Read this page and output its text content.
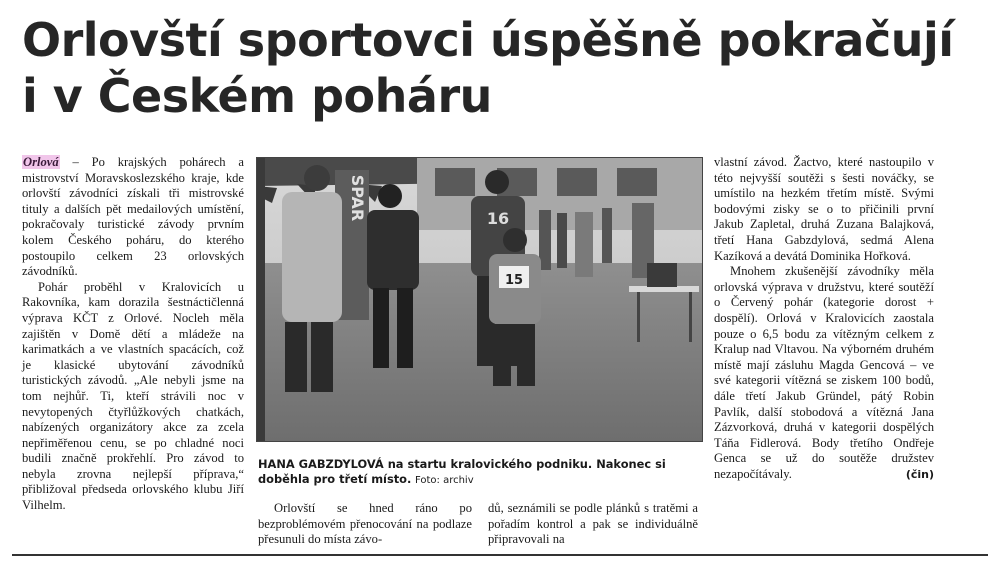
Orlovští sportovci úspěšně pokračují i v Českém poháru

Orlová – Po krajských pohárech a mistrovství Moravskoslezského kraje, kde orlovští závodníci získali tři mistrovské tituly a dalších pět medailových umístění, pokračovaly turistické závody prvním kolem Českého poháru, do kterého postoupilo celkem 23 orlovských závodníků.

Pohár proběhl v Kralovicích u Rakovníka, kam dorazila šestnáctičlenná výprava KČT z Orlové. Nocleh měla zajištěn v Domě dětí a mládeže na karimatkách a ve vlastních spacácích, což je klasické ubytování závodníků turistických závodů. „Ale nebyli jsme na tom nejhůř. Ti, kteří strávili noc v nevytopených čtyřlůžkových chatkách, nabízených organizátory akce za zcela nepřiměřenou cenu, se po chladné noci budili značně prokřehlí. Pro závod to nebyla zrovna nejlepší příprava,“ přibližoval předseda orlovského klubu Jiří Vilhelm.

SPAR	16
15

HANA GABZDYLOVÁ na startu kralovického podniku. Nakonec si doběhla pro třetí místo. Foto: archiv

Orlovští se hned ráno po bezproblémovém přenocování na podlaze přesunuli do místa závo-

dů, seznámili se podle plánků s tratěmi a pořadím kontrol a pak se individuálně připravovali na

vlastní závod. Žactvo, které nastoupilo v této nejvyšší soutěži s šesti nováčky, se umístilo na hezkém třetím místě. Svými bodovými zisky se o to přičinili první Jakub Zapletal, druhá Zuzana Balajková, třetí Hana Gabzdylová, sedmá Alena Kazíková a devátá Dominika Hořková.

Mnohem zkušenější závodníky měla orlovská výprava v družstvu, které soutěží o Červený pohár (kategorie dorost + dospělí). Orlová v Kralovicích zaostala pouze o 6,5 bodu za vítězným celkem z Kralup nad Vltavou. Na výborném druhém místě mají zásluhu Magda Gencová – ve své kategorii vítězná se ziskem 100 bodů, dále třetí Jakub Gründel, pátý Robin Pavlík, další stobodová a vítězná Jana Zázvorková, druhá v kategorii dospělých Táňa Fidlerová. Body třetího Ondřeje Genca se už do soutěže družstev nezapočítávaly.	(čin)
